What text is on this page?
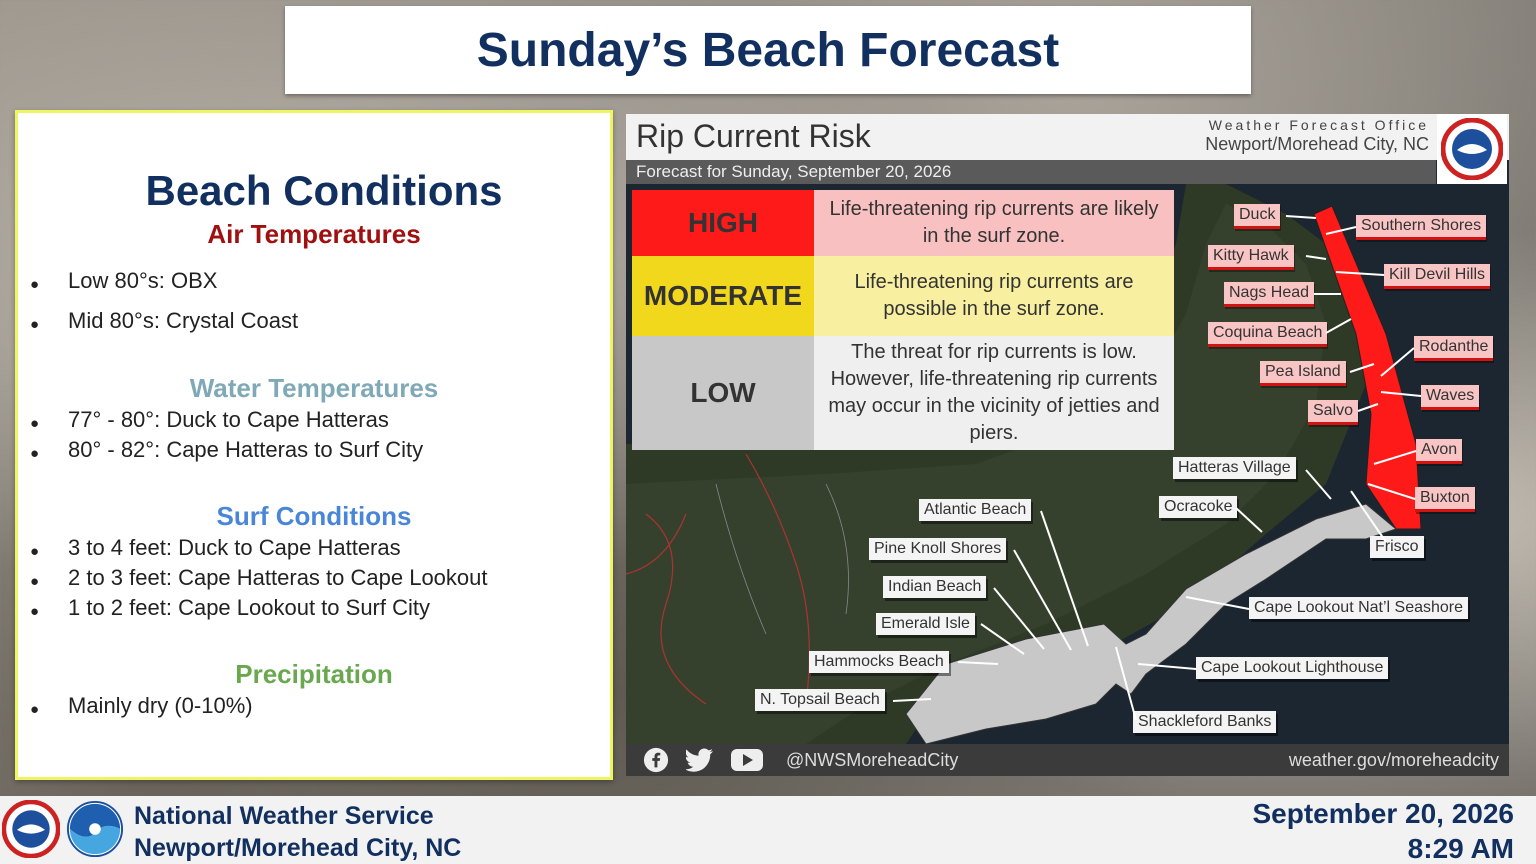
Sunday’s Beach Forecast
Beach Conditions
Air Temperatures
● Low 80°s: OBX
● Mid 80°s: Crystal Coast
Water Temperatures
● 77° - 80°: Duck to Cape Hatteras
● 80° - 82°: Cape Hatteras to Surf City
Surf Conditions
● 3 to 4 feet: Duck to Cape Hatteras
● 2 to 3 feet: Cape Hatteras to Cape Lookout
● 1 to 2 feet: Cape Lookout to Surf City
Precipitation
● Mainly dry (0-10%)
Rip Current Risk	Weather Forecast Office
Newport/Morehead City, NC
Forecast for Sunday, September 20, 2026
HIGH	Life-threatening rip currents are likely in the surf zone.
MODERATE	Life-threatening rip currents are possible in the surf zone.
LOW
The threat for rip currents is low. However, life-threatening rip currents may occur in the vicinity of jetties and piers.
Duck
Southern Shores
Kitty Hawk
Kill Devil Hills
Nags Head
Coquina Beach
Rodanthe
Pea Island
Waves
Salvo
Avon
Buxton
Hatteras Village
Ocracoke
Frisco
Atlantic Beach
Pine Knoll Shores
Indian Beach
Emerald Isle
Hammocks Beach
N. Topsail Beach
Cape Lookout Nat’l Seashore
Cape Lookout Lighthouse
Shackleford Banks
@NWSMoreheadCity	weather.gov/moreheadcity
National Weather Service
Newport/Morehead City, NC
September 20, 2026
8:29 AM
